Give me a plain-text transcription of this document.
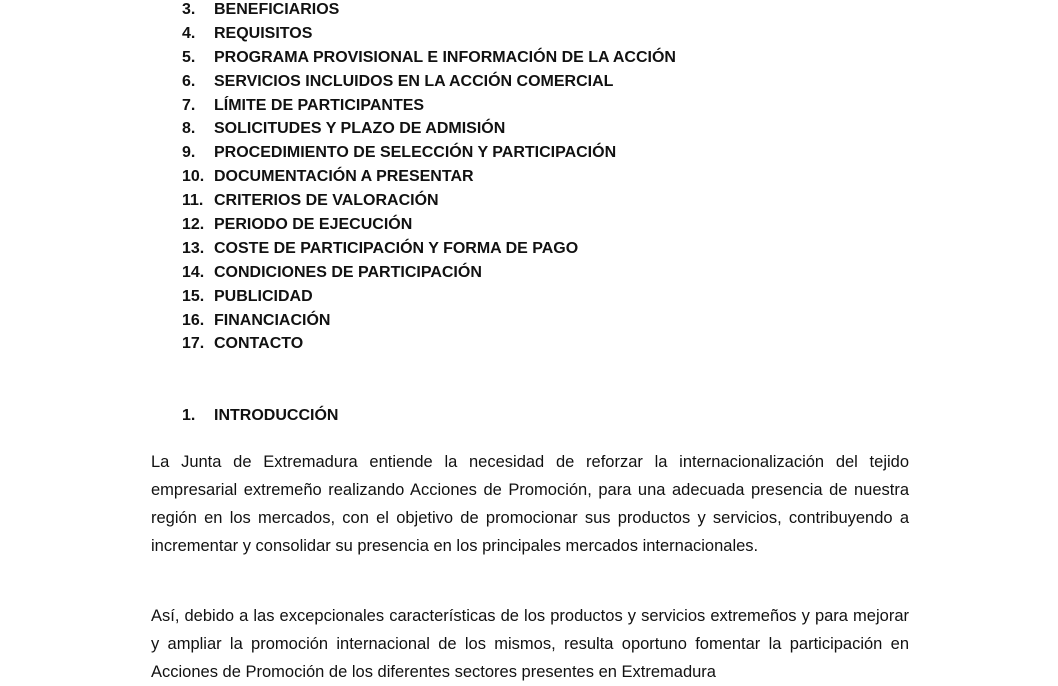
3. BENEFICIARIOS
4. REQUISITOS
5. PROGRAMA PROVISIONAL E INFORMACIÓN DE LA ACCIÓN
6. SERVICIOS INCLUIDOS EN LA ACCIÓN COMERCIAL
7. LÍMITE DE PARTICIPANTES
8. SOLICITUDES Y PLAZO DE ADMISIÓN
9. PROCEDIMIENTO DE SELECCIÓN Y PARTICIPACIÓN
10. DOCUMENTACIÓN A PRESENTAR
11. CRITERIOS DE VALORACIÓN
12. PERIODO DE EJECUCIÓN
13. COSTE DE PARTICIPACIÓN Y FORMA DE PAGO
14. CONDICIONES DE PARTICIPACIÓN
15. PUBLICIDAD
16. FINANCIACIÓN
17. CONTACTO
1. INTRODUCCIÓN

La Junta de Extremadura entiende la necesidad de reforzar la internacionalización del tejido empresarial extremeño realizando Acciones de Promoción, para una adecuada presencia de nuestra región en los mercados, con el objetivo de promocionar sus productos y servicios, contribuyendo a incrementar y consolidar su presencia en los principales mercados internacionales.

Así, debido a las excepcionales características de los productos y servicios extremeños y para mejorar y ampliar la promoción internacional de los mismos, resulta oportuno fomentar la participación en Acciones de Promoción de los diferentes sectores presentes en Extremadura
